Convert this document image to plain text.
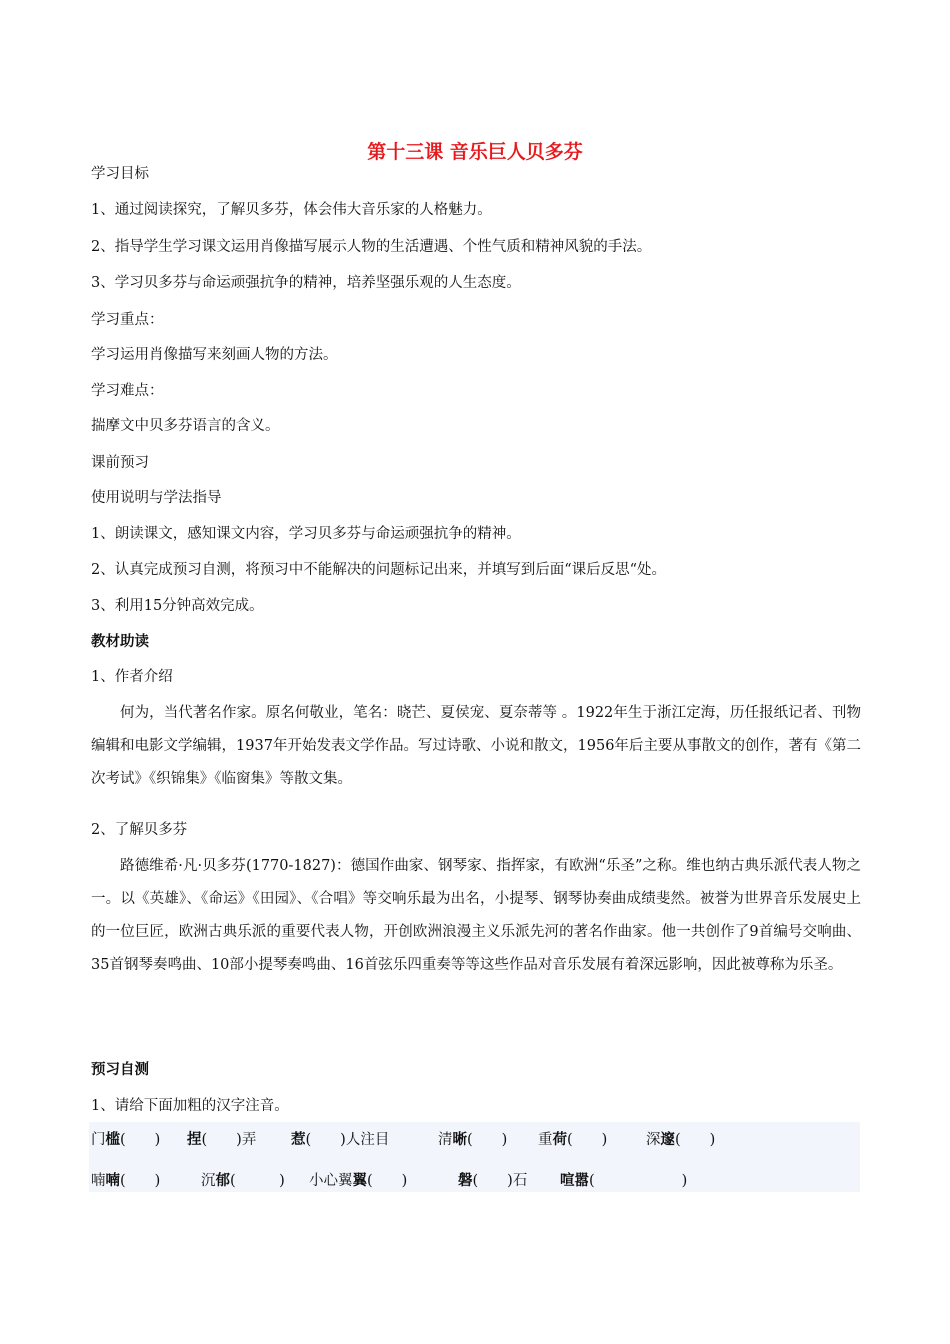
第十三课 音乐巨人贝多芬

学习目标

1、通过阅读探究，了解贝多芬，体会伟大音乐家的人格魅力。

2、指导学生学习课文运用肖像描写展示人物的生活遭遇、个性气质和精神风貌的手法。

3、学习贝多芬与命运顽强抗争的精神，培养坚强乐观的人生态度。

学习重点：

学习运用肖像描写来刻画人物的方法。

学习难点：

揣摩文中贝多芬语言的含义。

课前预习

使用说明与学法指导

1、朗读课文，感知课文内容，学习贝多芬与命运顽强抗争的精神。

2、认真完成预习自测，将预习中不能解决的问题标记出来，并填写到后面“课后反思“处。

3、利用15分钟高效完成。

教材助读

1、作者介绍

何为，当代著名作家。原名何敬业，笔名：晓芒、夏侯宠、夏奈蒂等 。1922年生于浙江定海，历任报纸记者、刊物编辑和电影文学编辑，1937年开始发表文学作品。写过诗歌、小说和散文，1956年后主要从事散文的创作，著有《第二次考试》《织锦集》《临窗集》等散文集。

2、了解贝多芬

路德维希·凡·贝多芬(1770-1827)：德国作曲家、钢琴家、指挥家，有欧洲“乐圣”之称。维也纳古典乐派代表人物之一。以《英雄》、《命运》《田园》、《合唱》等交响乐最为出名，小提琴、钢琴协奏曲成绩斐然。被誉为世界音乐发展史上的一位巨匠，欧洲古典乐派的重要代表人物，开创欧洲浪漫主义乐派先河的著名作曲家。他一共创作了9首编号交响曲、35首钢琴奏鸣曲、10部小提琴奏鸣曲、16首弦乐四重奏等等这些作品对音乐发展有着深远影响，因此被尊称为乐圣。

预习自测

1、请给下面加粗的汉字注音。

门槛(　　)	捏(　　)弄	惹(　　)人注目	清晰(　　)	重荷(　　)	深邃(　　)
喃喃(　　)	沉郁(　　　)	小心翼翼(　　)	磐(　　)石	喧嚣(　　　　　　)
